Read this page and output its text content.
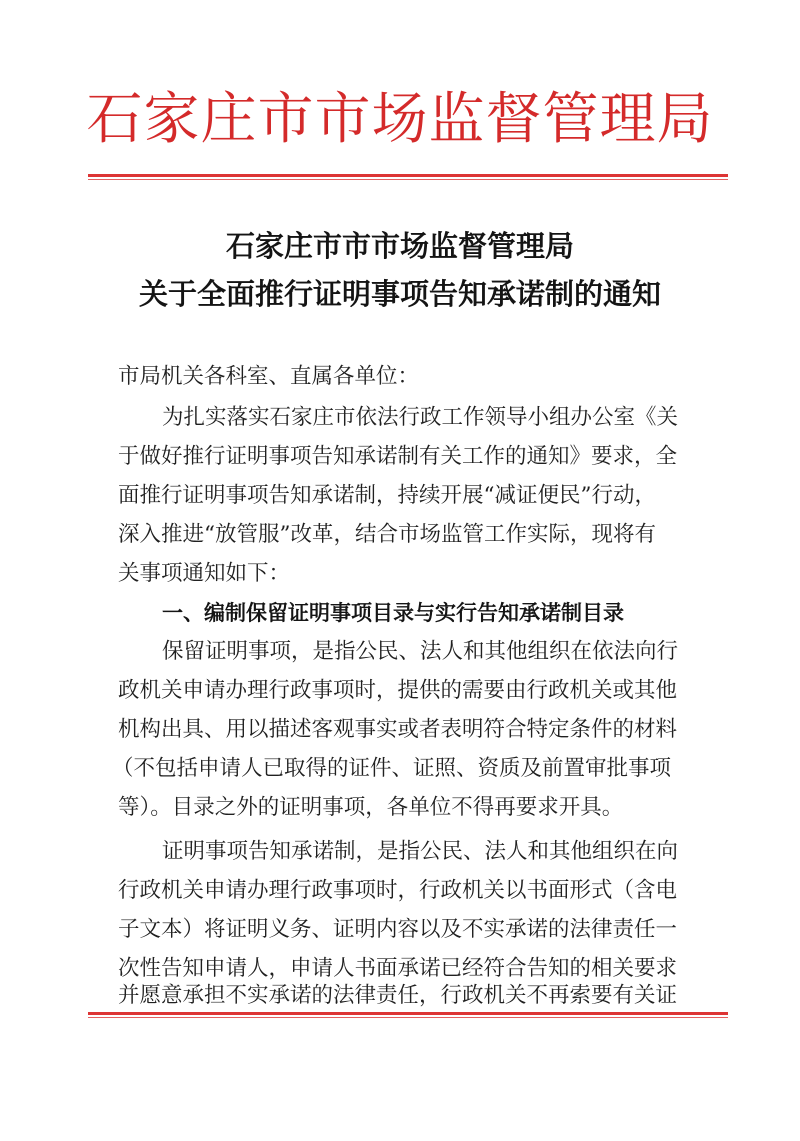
石家庄市市场监督管理局
石家庄市市市场监督管理局
关于全面推行证明事项告知承诺制的通知
市局机关各科室、直属各单位：
为扎实落实石家庄市依法行政工作领导小组办公室《关
于做好推行证明事项告知承诺制有关工作的通知》要求，全
面推行证明事项告知承诺制，持续开展“减证便民”行动，
深入推进“放管服”改革，结合市场监管工作实际，现将有
关事项通知如下：
一、编制保留证明事项目录与实行告知承诺制目录
保留证明事项，是指公民、法人和其他组织在依法向行
政机关申请办理行政事项时，提供的需要由行政机关或其他
机构出具、用以描述客观事实或者表明符合特定条件的材料
（不包括申请人已取得的证件、证照、资质及前置审批事项
等）。目录之外的证明事项，各单位不得再要求开具。
证明事项告知承诺制，是指公民、法人和其他组织在向
行政机关申请办理行政事项时，行政机关以书面形式（含电
子文本）将证明义务、证明内容以及不实承诺的法律责任一
次性告知申请人，申请人书面承诺已经符合告知的相关要求
并愿意承担不实承诺的法律责任，行政机关不再索要有关证
